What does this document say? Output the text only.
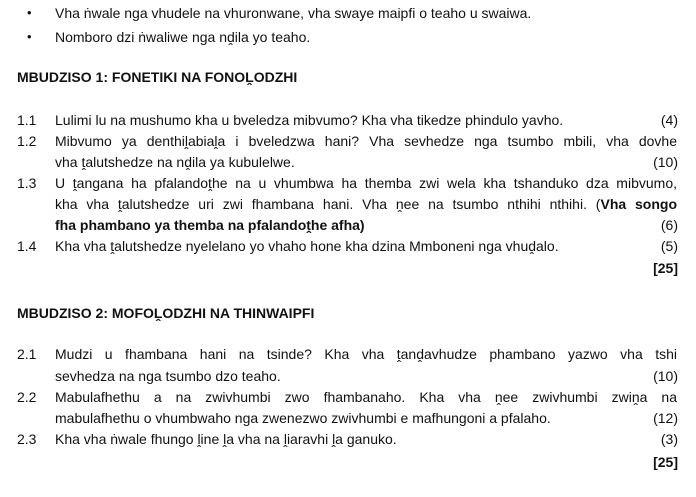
• Vha ṅwale nga vhudele na vhuronwane, vha swaye maipfi o teaho u swaiwa.
• Nomboro dzi ṅwaliwe nga nḓila yo teaho.
MBUDZISO 1: FONETIKI NA FONOḼODZHI
1.1 Lulimi lu na mushumo kha u bveledza mibvumo? Kha vha tikedze phindulo yavho.	(4)
1.2 Mibvumo ya denthiḽabiaḽa i bveledzwa hani? Vha sevhedze nga tsumbo mbili, vha dovhe
vha ṱalutshedze na nḓila ya kubulelwe.	(10)
1.3 U ṱangana ha pfalandoṱhe na u vhumbwa ha themba zwi wela kha tshanduko dza mibvumo,
kha vha ṱalutshedze uri zwi fhambana hani. Vha ṋee na tsumbo nthihi nthihi. (Vha songo
fha phambano ya themba na pfalandoṱhe afha)	(6)
1.4 Kha vha ṱalutshedze nyelelano yo vhaho hone kha dzina Mmboneni nga vhuḓalo.	(5)
[25]
MBUDZISO 2: MOFOḼODZHI NA THINWAIPFI
2.1 Mudzi u fhambana hani na tsinde? Kha vha ṱanḓavhudze phambano yazwo vha tshi
sevhedza na nga tsumbo dzo teaho.	(10)
2.2 Mabulafhethu a na zwivhumbi zwo fhambanaho. Kha vha ṋee zwivhumbi zwiṋa na
mabulafhethu o vhumbwaho nga zwenezwo zwivhumbi e mafhungoni a pfalaho.	(12)
2.3 Kha vha ṅwale fhungo ḽine ḽa vha na ḽiaravhi ḽa ganuko.	(3)
[25]
